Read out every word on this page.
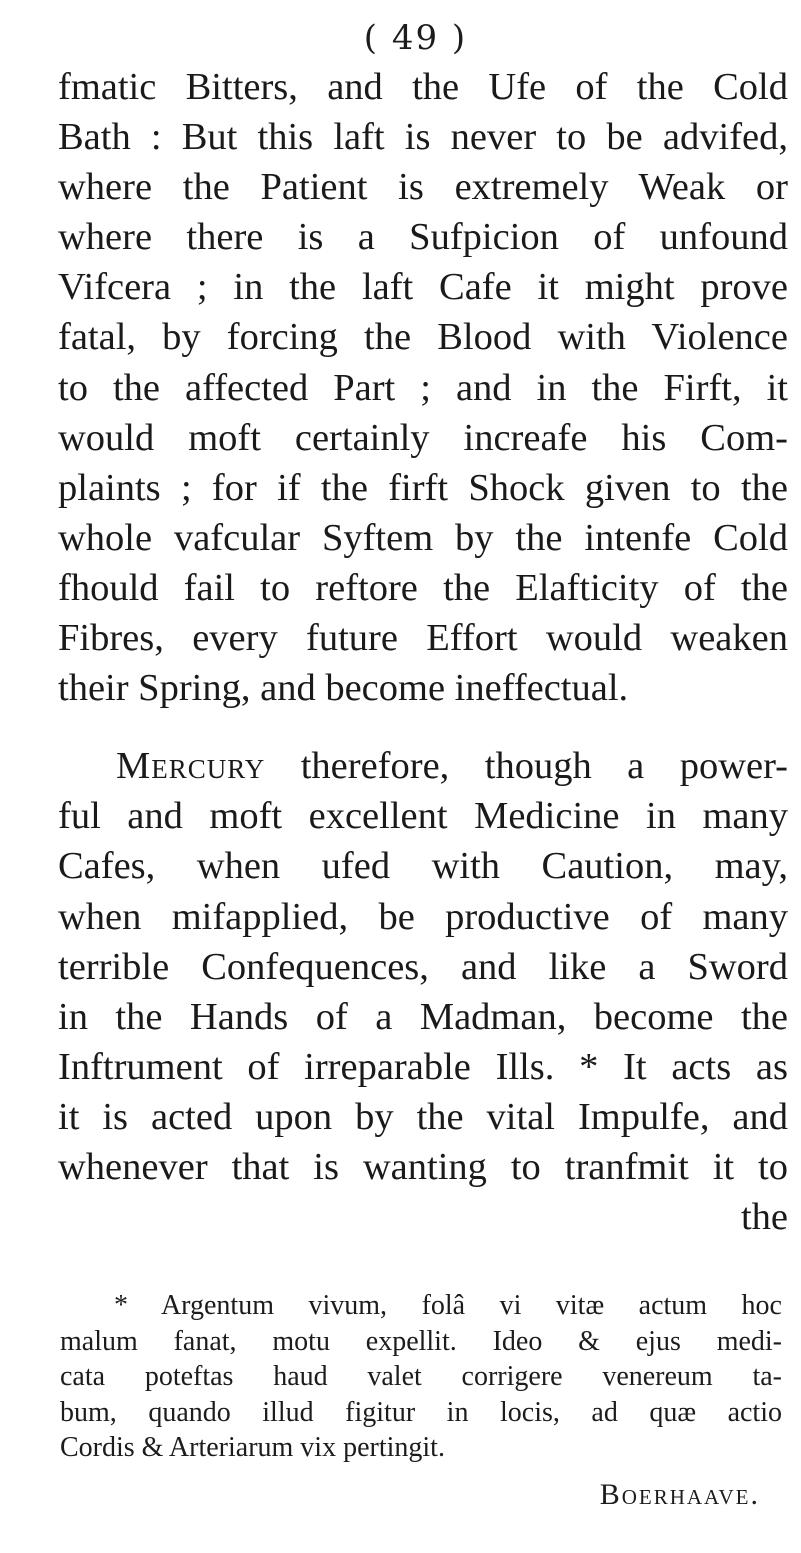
( 49 )

fmatic Bitters, and the Ufe of the Cold
Bath : But this laft is never to be advifed,
where the Patient is extremely Weak or
where there is a Sufpicion of unfound
Vifcera ; in the laft Cafe it might prove
fatal, by forcing the Blood with Violence
to the affected Part ; and in the Firft, it
would moft certainly increafe his Com-
plaints ; for if the firft Shock given to the
whole vafcular Syftem by the intenfe Cold
fhould fail to reftore the Elafticity of the
Fibres, every future Effort would weaken
their Spring, and become ineffectual.
Mercury therefore, though a power-
ful and moft excellent Medicine in many
Cafes, when ufed with Caution, may,
when mifapplied, be productive of many
terrible Confequences, and like a Sword
in the Hands of a Madman, become the
Inftrument of irreparable Ills. * It acts as
it is acted upon by the vital Impulfe, and
whenever that is wanting to tranfmit it to
the
* Argentum vivum, folâ vi vitæ actum hoc
malum fanat, motu expellit. Ideo & ejus medi-
cata poteftas haud valet corrigere venereum ta-
bum, quando illud figitur in locis, ad quæ actio
Cordis & Arteriarum vix pertingit.

Boerhaave.
